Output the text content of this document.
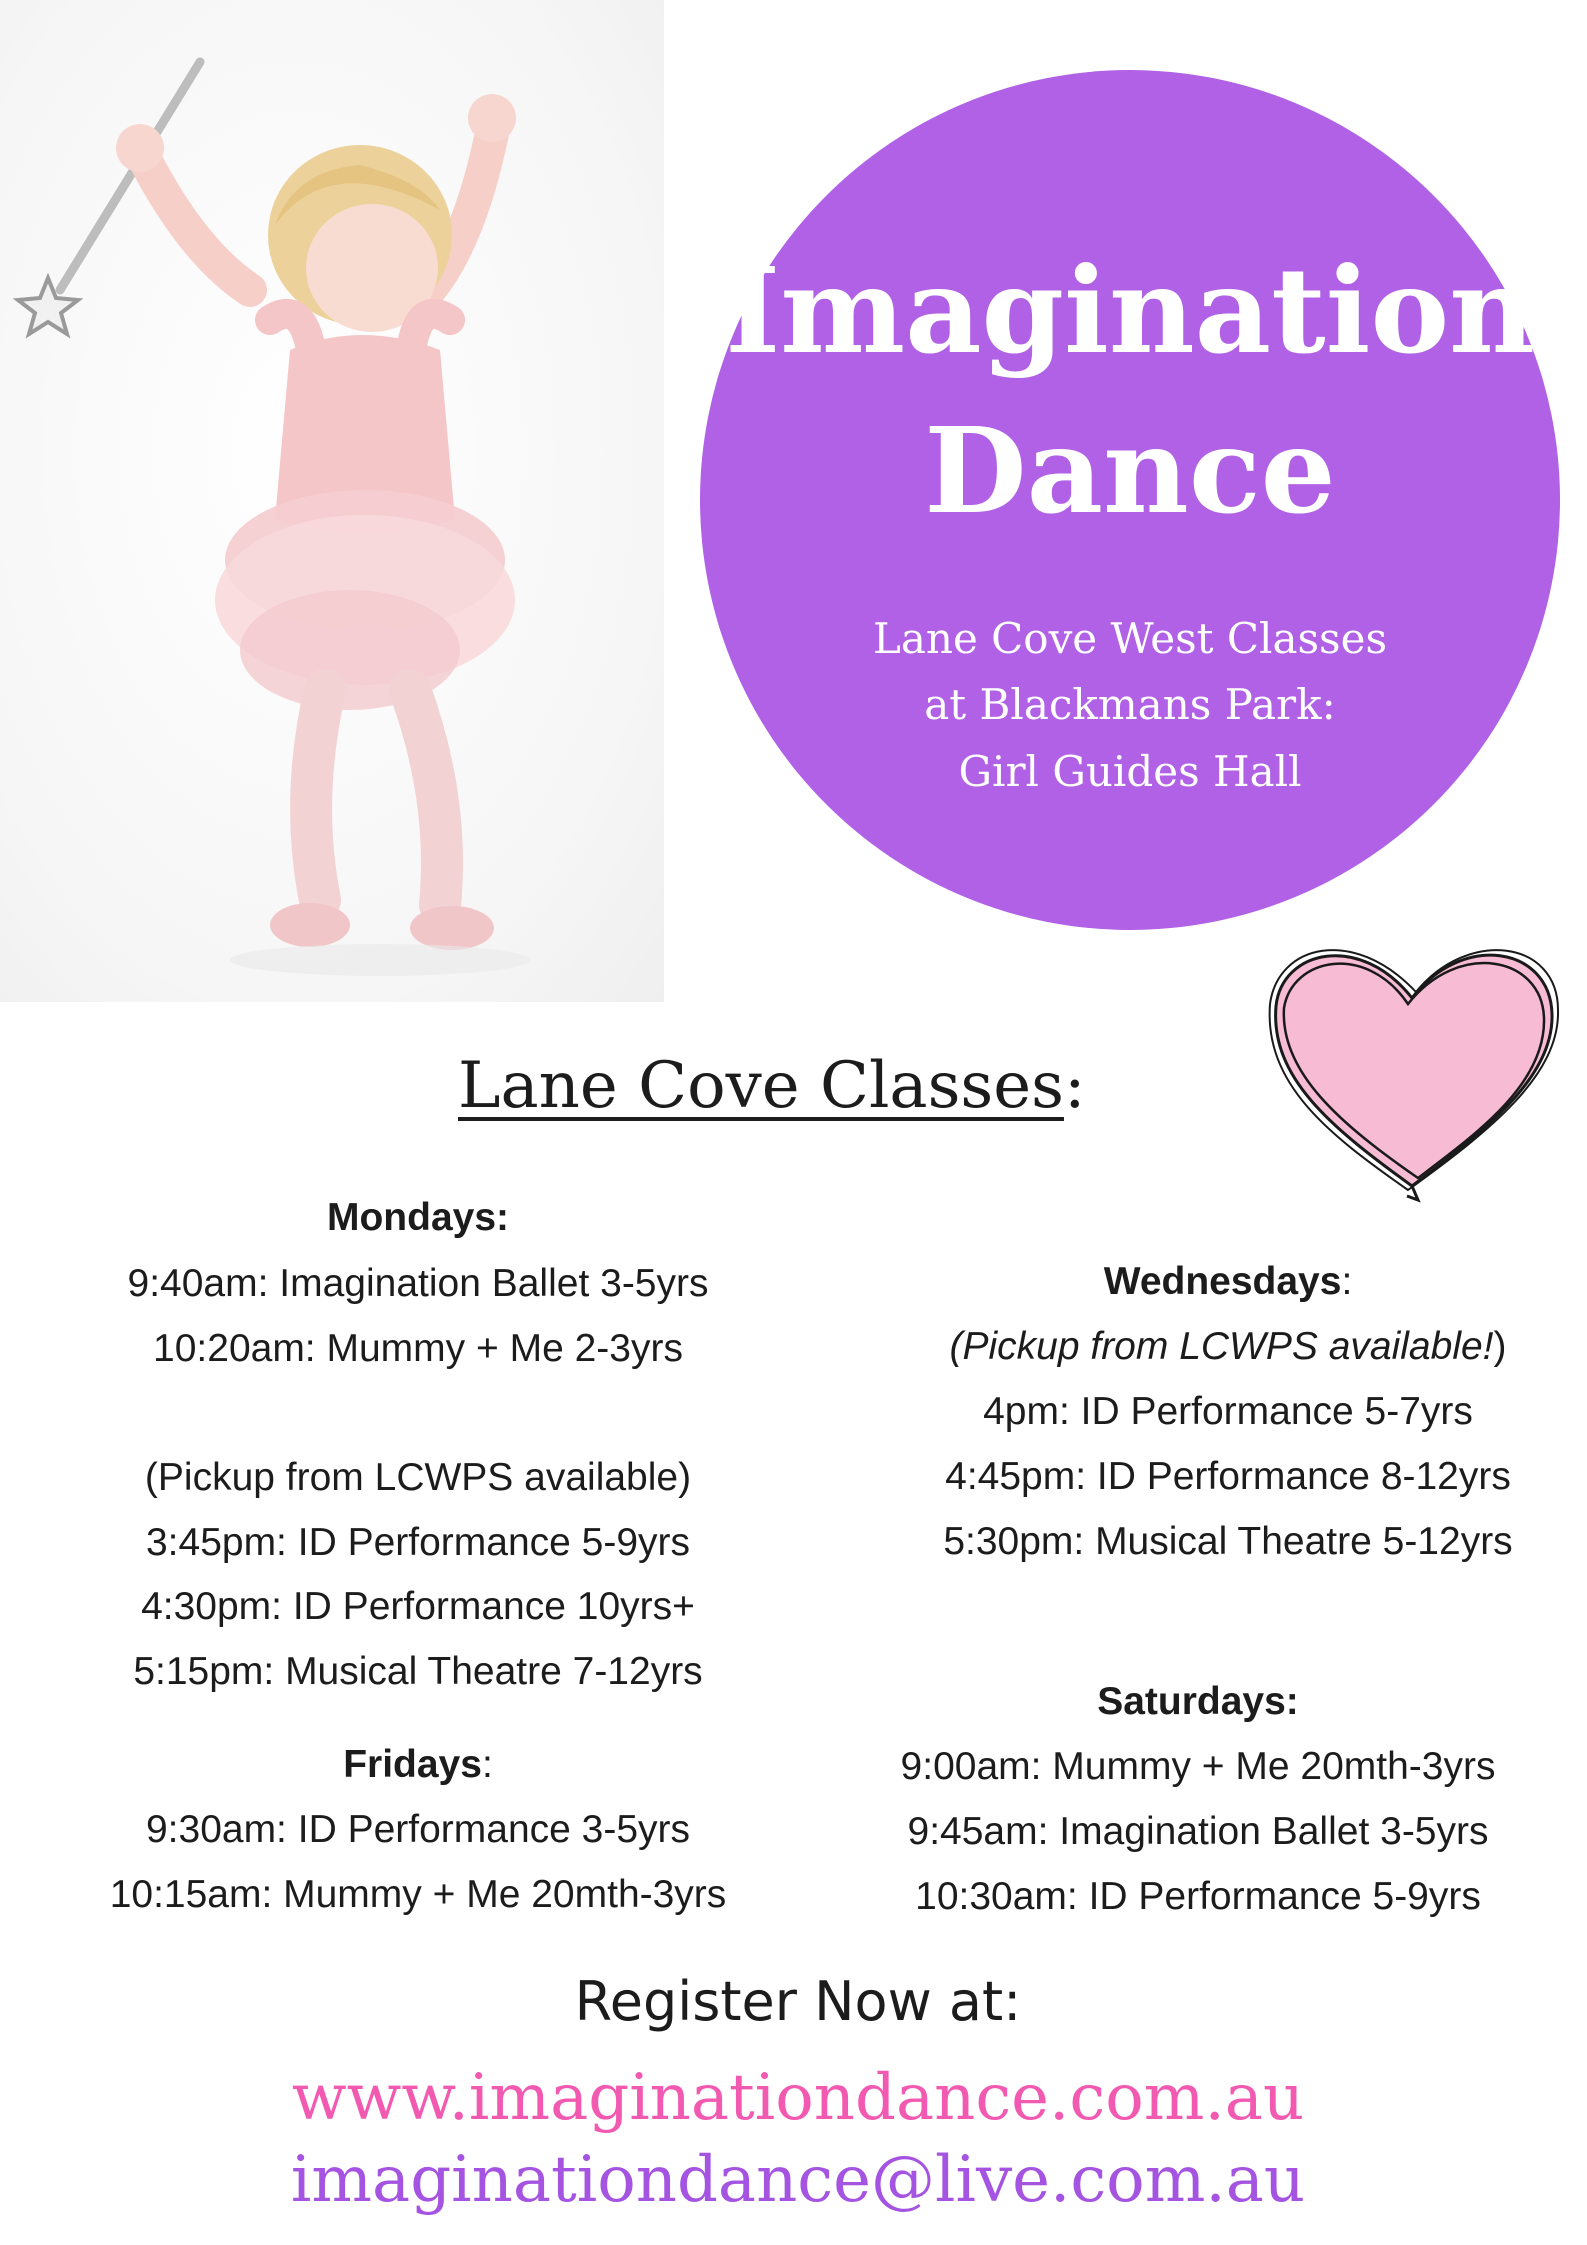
Imagination
Dance
Lane Cove West Classes
at Blackmans Park:
Girl Guides Hall
Lane Cove Classes:
Mondays:
9:40am: Imagination Ballet 3-5yrs
10:20am: Mummy + Me 2-3yrs
(Pickup from LCWPS available)
3:45pm: ID Performance 5-9yrs
4:30pm: ID Performance 10yrs+
5:15pm: Musical Theatre 7-12yrs
Fridays:
9:30am: ID Performance 3-5yrs
10:15am: Mummy + Me 20mth-3yrs
Wednesdays:
(Pickup from LCWPS available!)
4pm: ID Performance 5-7yrs
4:45pm: ID Performance 8-12yrs
5:30pm: Musical Theatre 5-12yrs
Saturdays:
9:00am: Mummy + Me 20mth-3yrs
9:45am: Imagination Ballet 3-5yrs
10:30am: ID Performance 5-9yrs
Register Now at:
www.imaginationdance.com.au
imaginationdance@live.com.au
